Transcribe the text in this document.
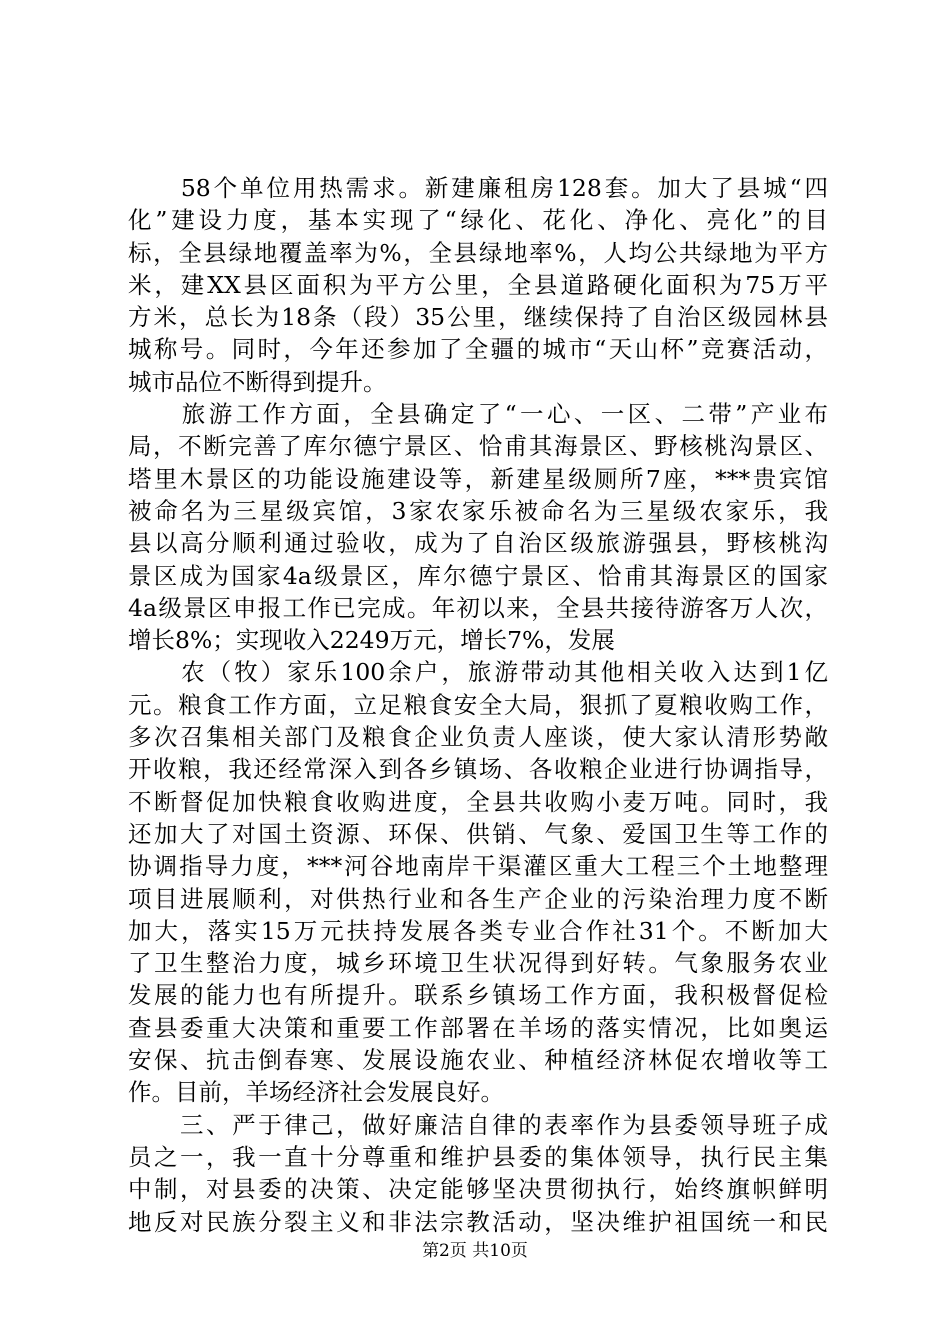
　　58个单位用热需求。新建廉租房128套。加大了县城“四
化”建设力度，基本实现了“绿化、花化、净化、亮化”的目
标，全县绿地覆盖率为%，全县绿地率%，人均公共绿地为平方
米，建XX县区面积为平方公里，全县道路硬化面积为75万平
方米，总长为18条（段）35公里，继续保持了自治区级园林县
城称号。同时，今年还参加了全疆的城市“天山杯”竞赛活动，
城市品位不断得到提升。
　　旅游工作方面，全县确定了“一心、一区、二带”产业布
局，不断完善了库尔德宁景区、恰甫其海景区、野核桃沟景区、
塔里木景区的功能设施建设等，新建星级厕所7座，***贵宾馆
被命名为三星级宾馆，3家农家乐被命名为三星级农家乐，我
县以高分顺利通过验收，成为了自治区级旅游强县，野核桃沟
景区成为国家4a级景区，库尔德宁景区、恰甫其海景区的国家
4a级景区申报工作已完成。年初以来，全县共接待游客万人次，
增长8%；实现收入2249万元，增长7%，发展
　　农（牧）家乐100余户，旅游带动其他相关收入达到1亿
元。粮食工作方面，立足粮食安全大局，狠抓了夏粮收购工作，
多次召集相关部门及粮食企业负责人座谈，使大家认清形势敞
开收粮，我还经常深入到各乡镇场、各收粮企业进行协调指导，
不断督促加快粮食收购进度，全县共收购小麦万吨。同时，我
还加大了对国土资源、环保、供销、气象、爱国卫生等工作的
协调指导力度，***河谷地南岸干渠灌区重大工程三个土地整理
项目进展顺利，对供热行业和各生产企业的污染治理力度不断
加大，落实15万元扶持发展各类专业合作社31个。不断加大
了卫生整治力度，城乡环境卫生状况得到好转。气象服务农业
发展的能力也有所提升。联系乡镇场工作方面，我积极督促检
查县委重大决策和重要工作部署在羊场的落实情况，比如奥运
安保、抗击倒春寒、发展设施农业、种植经济林促农增收等工
作。目前，羊场经济社会发展良好。
　　三、严于律己，做好廉洁自律的表率作为县委领导班子成
员之一，我一直十分尊重和维护县委的集体领导，执行民主集
中制，对县委的决策、决定能够坚决贯彻执行，始终旗帜鲜明
地反对民族分裂主义和非法宗教活动，坚决维护祖国统一和民
第2页 共10页
